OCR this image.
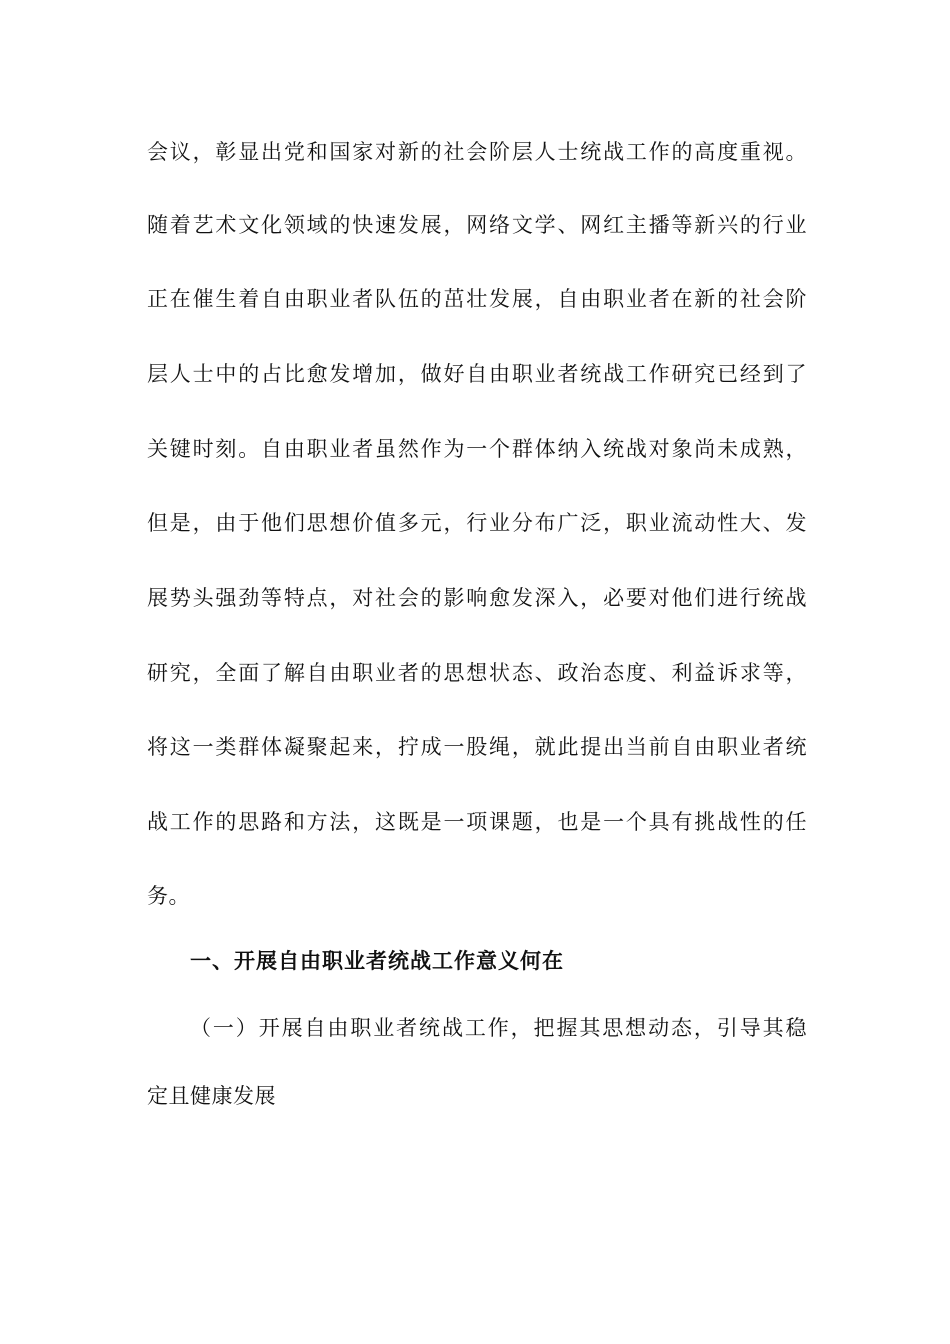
会议，彰显出党和国家对新的社会阶层人士统战工作的高度重视。
随着艺术文化领域的快速发展，网络文学、网红主播等新兴的行业
正在催生着自由职业者队伍的茁壮发展，自由职业者在新的社会阶
层人士中的占比愈发增加，做好自由职业者统战工作研究已经到了
关键时刻。自由职业者虽然作为一个群体纳入统战对象尚未成熟，
但是，由于他们思想价值多元，行业分布广泛，职业流动性大、发
展势头强劲等特点，对社会的影响愈发深入，必要对他们进行统战
研究，全面了解自由职业者的思想状态、政治态度、利益诉求等，
将这一类群体凝聚起来，拧成一股绳，就此提出当前自由职业者统
战工作的思路和方法，这既是一项课题，也是一个具有挑战性的任
务。
一、开展自由职业者统战工作意义何在
（一）开展自由职业者统战工作，把握其思想动态，引导其稳
定且健康发展
